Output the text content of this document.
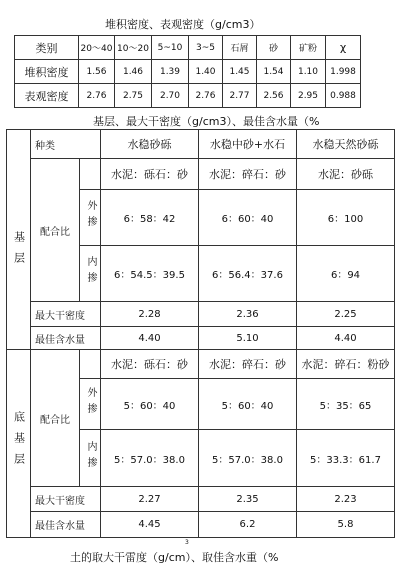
堆积密度、表观密度（g/cm3）
类别	20～40	10～20	5~10	3~5	石屑	砂	矿粉	χ
堆积密度	1.56	1.46	1.39	1.40	1.45	1.54	1.10	1.998
表观密度	2.76	2.75	2.70	2.76	2.77	2.56	2.95	0.988
基层、最大干密度（g/cm3）、最佳含水量（%
	种类		水稳砂砾	水稳中砂+水石	水稳天然砂砾
基层	配合比		水泥：砾石：砂	水泥：碎石：砂	水泥：砂砾
		外掺	6：58：42	6：60：40	6：100
		内掺	6：54.5：39.5	6：56.4：37.6	6：94
	最大干密度		2.28	2.36	2.25
	最佳含水量		4.40	5.10	4.40
底基层	配合比		水泥：砾石：砂	水泥：碎石：砂	水泥：碎石：粉砂
		外掺	5：60：40	5：60：40	5：35：65
		内掺	5：57.0：38.0	5：57.0：38.0	5：33.3：61.7
	最大干密度		2.27	2.35	2.23
	最佳含水量		4.45	6.2	5.8
3
土的取大干雷度（g/cm）、取佳含水重（%
